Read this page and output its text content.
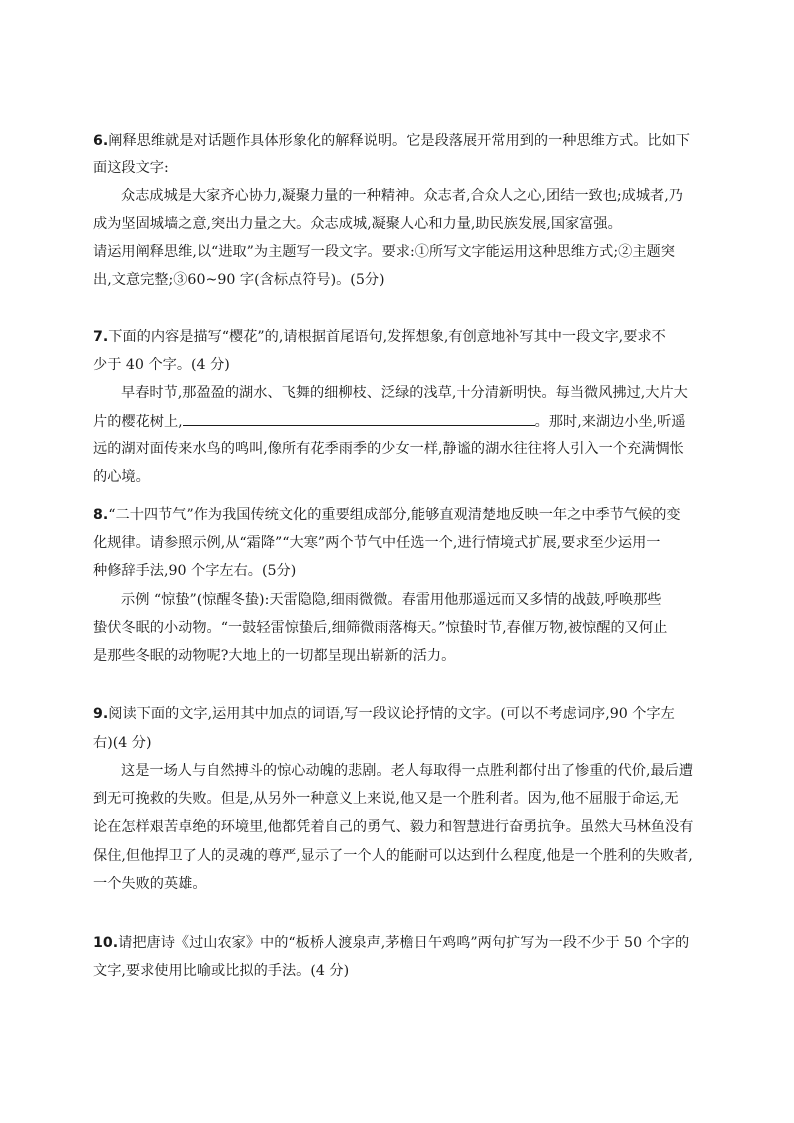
6.阐释思维就是对话题作具体形象化的解释说明。它是段落展开常用到的一种思维方式。比如下
面这段文字:
众志成城是大家齐心协力,凝聚力量的一种精神。众志者,合众人之心,团结一致也;成城者,乃
成为坚固城墙之意,突出力量之大。众志成城,凝聚人心和力量,助民族发展,国家富强。
请运用阐释思维,以“进取”为主题写一段文字。要求:①所写文字能运用这种思维方式;②主题突
出,文意完整;③60~90 字(含标点符号)。(5分)
7.下面的内容是描写“樱花”的,请根据首尾语句,发挥想象,有创意地补写其中一段文字,要求不
少于 40 个字。(4 分)
早春时节,那盈盈的湖水、飞舞的细柳枝、泛绿的浅草,十分清新明快。每当微风拂过,大片大
片的樱花树上,	。那时,来湖边小坐,听遥
远的湖对面传来水鸟的鸣叫,像所有花季雨季的少女一样,静谧的湖水往往将人引入一个充满惆怅
的心境。
8.“二十四节气”作为我国传统文化的重要组成部分,能够直观清楚地反映一年之中季节气候的变
化规律。请参照示例,从“霜降”“大寒”两个节气中任选一个,进行情境式扩展,要求至少运用一
种修辞手法,90 个字左右。(5分)
示例 “惊蛰”(惊醒冬蛰):天雷隐隐,细雨微微。春雷用他那遥远而又多情的战鼓,呼唤那些
蛰伏冬眠的小动物。“一鼓轻雷惊蛰后,细筛微雨落梅天。”惊蛰时节,春催万物,被惊醒的又何止
是那些冬眠的动物呢?大地上的一切都呈现出崭新的活力。
9.阅读下面的文字,运用其中加点的词语,写一段议论抒情的文字。(可以不考虑词序,90 个字左
右)(4 分)
这是一场人与自然搏斗的惊心动魄的悲剧。老人每取得一点胜利都付出了惨重的代价,最后遭
到无可挽救的失败。但是,从另外一种意义上来说,他又是一个胜利者。因为,他不屈服于命运,无
论在怎样艰苦卓绝的环境里,他都凭着自己的勇气、毅力和智慧进行奋勇抗争。虽然大马林鱼没有
保住,但他捍卫了人的灵魂的尊严,显示了一个人的能耐可以达到什么程度,他是一个胜利的失败者,
一个失败的英雄。
10.请把唐诗《过山农家》中的“板桥人渡泉声,茅檐日午鸡鸣”两句扩写为一段不少于 50 个字的
文字,要求使用比喻或比拟的手法。(4 分)
